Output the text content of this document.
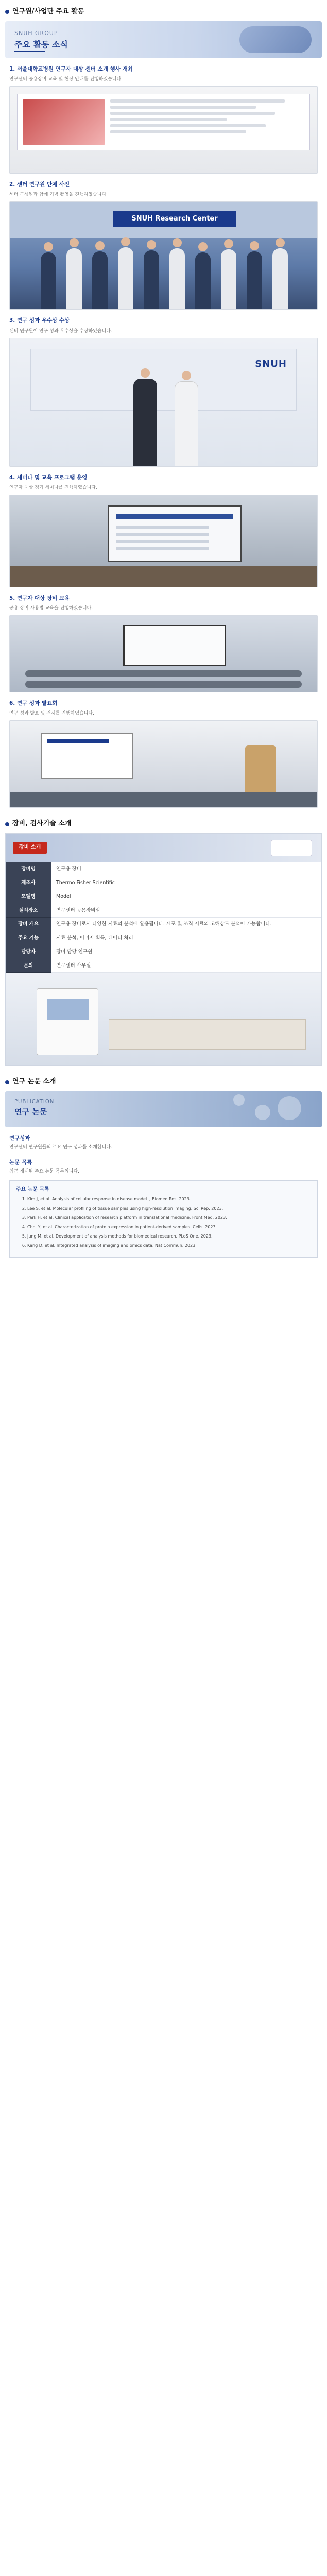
연구원/사업단 주요 활동
SNUH GROUP
주요 활동 소식
1. 서울대학교병원 연구자 대상 센터 소개 행사 개최
연구센터 공용장비 교육 및 현장 안내를 진행하였습니다.
2. 센터 연구원 단체 사진
센터 구성원과 함께 기념 촬영을 진행하였습니다.
SNUH Research Center
3. 연구 성과 우수상 수상
센터 연구원이 연구 성과 우수상을 수상하였습니다.
SNUH
4. 세미나 및 교육 프로그램 운영
연구자 대상 정기 세미나를 진행하였습니다.
5. 연구자 대상 장비 교육
공용 장비 사용법 교육을 진행하였습니다.
6. 연구 성과 발표회
연구 성과 발표 및 전시를 진행하였습니다.
장비, 검사기술 소개
장비 소개
장비명	연구용 장비
제조사	Thermo Fisher Scientific
모델명	Model
설치장소	연구센터 공용장비실
장비 개요	연구용 장비로서 다양한 시료의 분석에 활용됩니다. 세포 및 조직 시료의 고해상도 분석이 가능합니다.
주요 기능	시료 분석, 이미지 획득, 데이터 처리
담당자	장비 담당 연구원
문의	연구센터 사무실
연구 논문 소개
PUBLICATION
연구 논문
연구성과
연구센터 연구원들의 주요 연구 성과를 소개합니다.
논문 목록
최근 게재된 주요 논문 목록입니다.
주요 논문 목록
1. Kim J, et al. Analysis of cellular response in disease model. J Biomed Res. 2023.
2. Lee S, et al. Molecular profiling of tissue samples using high-resolution imaging. Sci Rep. 2023.
3. Park H, et al. Clinical application of research platform in translational medicine. Front Med. 2023.
4. Choi Y, et al. Characterization of protein expression in patient-derived samples. Cells. 2023.
5. Jung M, et al. Development of analysis methods for biomedical research. PLoS One. 2023.
6. Kang D, et al. Integrated analysis of imaging and omics data. Nat Commun. 2023.
